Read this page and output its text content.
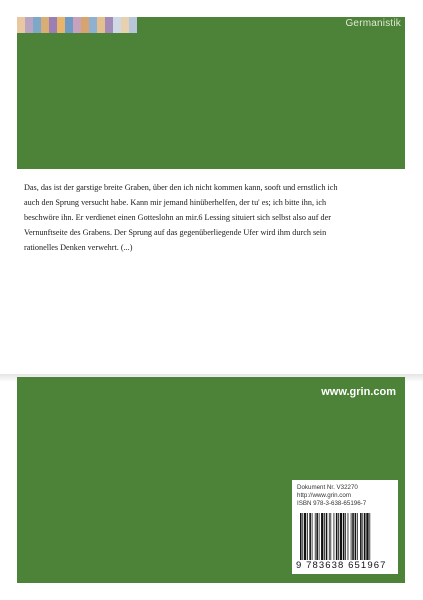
Germanistik
Das, das ist der garstige breite Graben, über den ich nicht kommen kann, sooft und ernstlich ich auch den Sprung versucht habe. Kann mir jemand hinüberhelfen, der tu' es; ich bitte ihn, ich beschwöre ihn. Er verdienet einen Gotteslohn an mir.6 Lessing situiert sich selbst also auf der Vernunftseite des Grabens. Der Sprung auf das gegenüberliegende Ufer wird ihm durch sein rationelles Denken verwehrt. (...)
www.grin.com
Dokument Nr. V32270
http://www.grin.com
ISBN 978-3-638-65196-7
9 783638 651967
